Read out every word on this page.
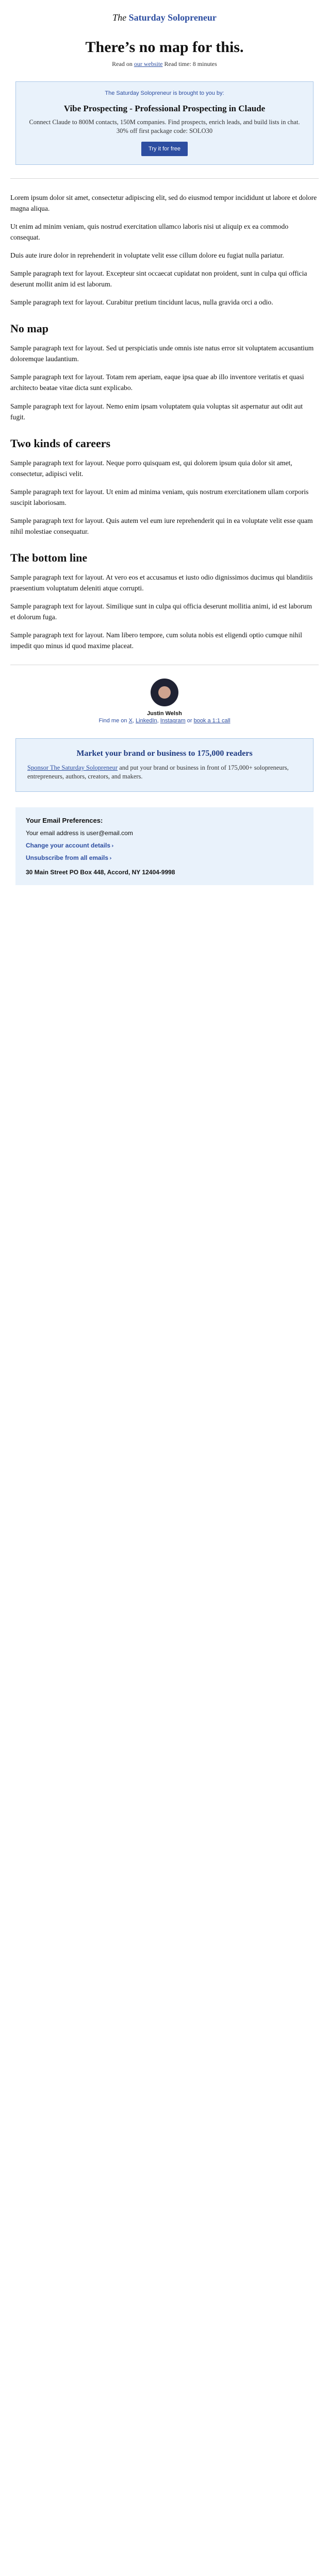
The Saturday Solopreneur
There’s no map for this.
Read on our website Read time: 8 minutes
The Saturday Solopreneur is brought to you by:
Vibe Prospecting - Professional Prospecting in Claude
Connect Claude to 800M contacts, 150M companies. Find prospects, enrich leads, and build lists in chat. 30% off first package code: SOLO30
Try it for free

Lorem ipsum dolor sit amet, consectetur adipiscing elit, sed do eiusmod tempor incididunt ut labore et dolore magna aliqua.

Ut enim ad minim veniam, quis nostrud exercitation ullamco laboris nisi ut aliquip ex ea commodo consequat.

Duis aute irure dolor in reprehenderit in voluptate velit esse cillum dolore eu fugiat nulla pariatur.

Sample paragraph text for layout. Excepteur sint occaecat cupidatat non proident, sunt in culpa qui officia deserunt mollit anim id est laborum.

Sample paragraph text for layout. Curabitur pretium tincidunt lacus, nulla gravida orci a odio.

No map

Sample paragraph text for layout. Sed ut perspiciatis unde omnis iste natus error sit voluptatem accusantium doloremque laudantium.

Sample paragraph text for layout. Totam rem aperiam, eaque ipsa quae ab illo inventore veritatis et quasi architecto beatae vitae dicta sunt explicabo.

Sample paragraph text for layout. Nemo enim ipsam voluptatem quia voluptas sit aspernatur aut odit aut fugit.

Two kinds of careers

Sample paragraph text for layout. Neque porro quisquam est, qui dolorem ipsum quia dolor sit amet, consectetur, adipisci velit.

Sample paragraph text for layout. Ut enim ad minima veniam, quis nostrum exercitationem ullam corporis suscipit laboriosam.

Sample paragraph text for layout. Quis autem vel eum iure reprehenderit qui in ea voluptate velit esse quam nihil molestiae consequatur.

The bottom line

Sample paragraph text for layout. At vero eos et accusamus et iusto odio dignissimos ducimus qui blanditiis praesentium voluptatum deleniti atque corrupti.

Sample paragraph text for layout. Similique sunt in culpa qui officia deserunt mollitia animi, id est laborum et dolorum fuga.

Sample paragraph text for layout. Nam libero tempore, cum soluta nobis est eligendi optio cumque nihil impedit quo minus id quod maxime placeat.

Justin Welsh
Find me on X, LinkedIn, Instagram or book a 1:1 call
Market your brand or business to 175,000 readers
Sponsor The Saturday Solopreneur and put your brand or business in front of 175,000+ solopreneurs, entrepreneurs, authors, creators, and makers.
Your Email Preferences:
Your email address is user@email.com
Change your account details ›
Unsubscribe from all emails ›
30 Main Street PO Box 448, Accord, NY 12404-9998
